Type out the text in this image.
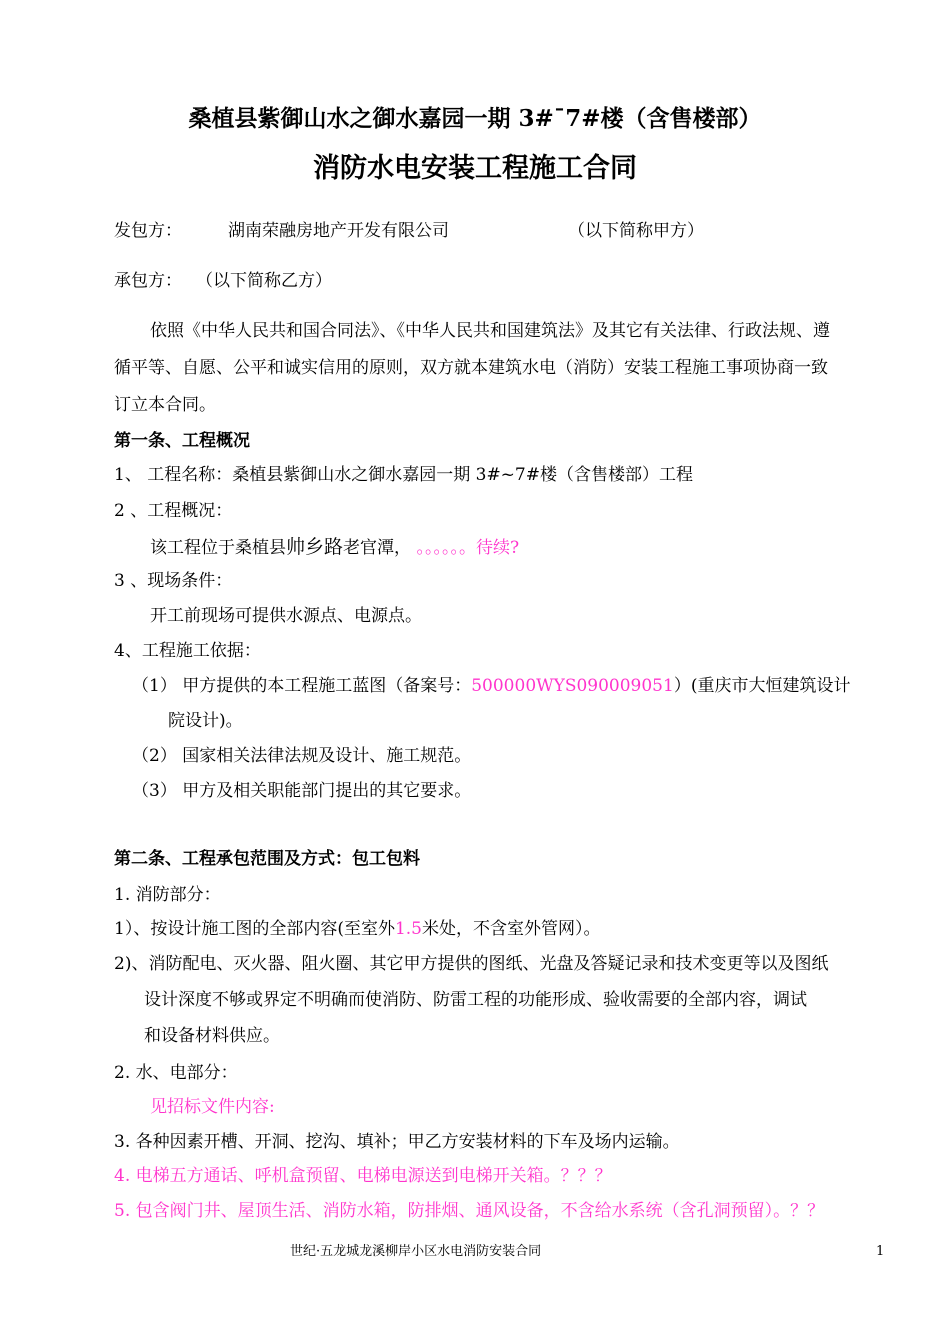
桑植县紫御山水之御水嘉园一期 3#¯7#楼（含售楼部）
消防水电安装工程施工合同
发包方：	湖南荣融房地产开发有限公司	（以下简称甲方）
承包方： （以下简称乙方）
依照《中华人民共和国合同法》、《中华人民共和国建筑法》及其它有关法律、行政法规、遵
循平等、自愿、公平和诚实信用的原则，双方就本建筑水电（消防）安装工程施工事项协商一致
订立本合同。
第一条、工程概况
1、 工程名称：桑植县紫御山水之御水嘉园一期 3#~7#楼（含售楼部）工程
2 、工程概况：
该工程位于桑植县帅乡路老官潭， 。。。。。。待续?
3 、现场条件：
开工前现场可提供水源点、电源点。
4、工程施工依据：
（1） 甲方提供的本工程施工蓝图（备案号：500000WYS090009051）(重庆市大恒建筑设计
院设计)。
（2） 国家相关法律法规及设计、施工规范。
（3） 甲方及相关职能部门提出的其它要求。
第二条、工程承包范围及方式：包工包料
1. 消防部分：
1）、按设计施工图的全部内容(至室外1.5米处，不含室外管网）。
2)、消防配电、灭火器、阻火圈、其它甲方提供的图纸、光盘及答疑记录和技术变更等以及图纸
设计深度不够或界定不明确而使消防、防雷工程的功能形成、验收需要的全部内容，调试
和设备材料供应。
2. 水、电部分：
见招标文件内容:
3. 各种因素开槽、开洞、挖沟、填补；甲乙方安装材料的下车及场内运输。
4. 电梯五方通话、呼机盒预留、电梯电源送到电梯开关箱。？？？
5. 包含阀门井、屋顶生活、消防水箱，防排烟、通风设备，不含给水系统（含孔洞预留）。？？
世纪·五龙城龙溪柳岸小区水电消防安装合同	1
